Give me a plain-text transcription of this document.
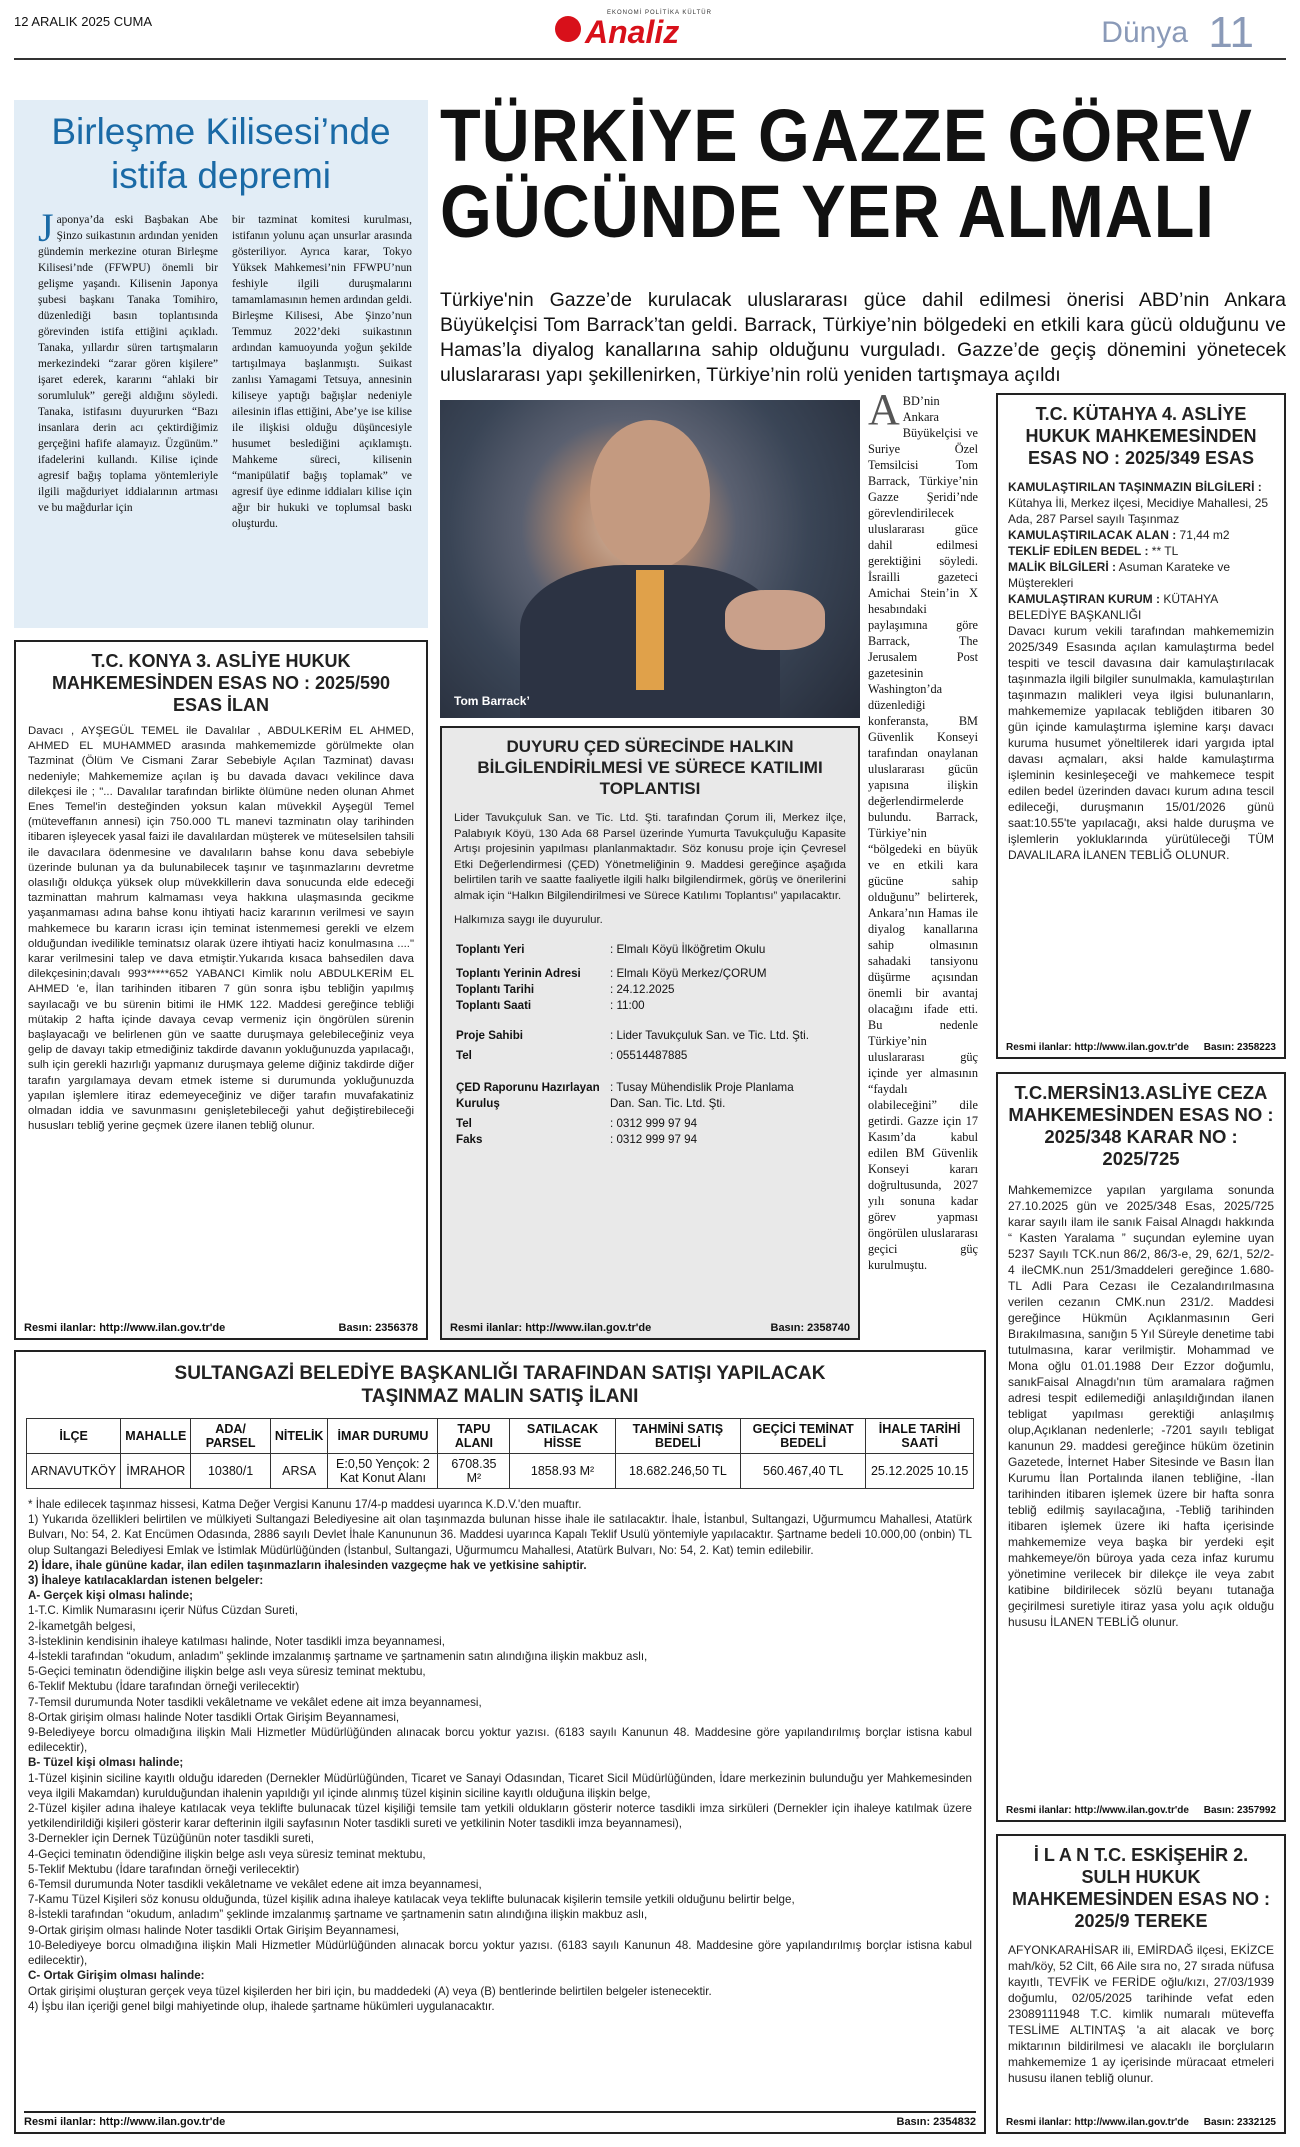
12 ARALIK 2025 CUMA
EKONOMİ POLİTİKA KÜLTÜR
Analiz	Dünya 11
Birleşme Kilisesi’nde istifa depremi
Japonya’da eski Başbakan Abe Şinzo suikastının ardından yeniden gündemin merkezine oturan Birleşme Kilisesi’nde (FFWPU) önemli bir gelişme yaşandı. Kilisenin Japonya şubesi başkanı Tanaka Tomihiro, düzenlediği basın toplantısında görevinden istifa ettiğini açıkladı. Tanaka, yıllardır süren tartışmaların merkezindeki “zarar gören kişilere” işaret ederek, kararını “ahlaki bir sorumluluk” gereği aldığını söyledi. Tanaka, istifasını duyururken “Bazı insanlara derin acı çektirdiğimiz gerçeğini hafife alamayız. Üzgünüm.” ifadelerini kullandı. Kilise içinde agresif bağış toplama yöntemleriyle ilgili mağduriyet iddialarının artması ve bu mağdurlar için
bir tazminat komitesi kurulması, istifanın yolunu açan unsurlar arasında gösteriliyor. Ayrıca karar, Tokyo Yüksek Mahkemesi’nin FFWPU’nun feshiyle ilgili duruşmalarını tamamlamasının hemen ardından geldi. Birleşme Kilisesi, Abe Şinzo’nun Temmuz 2022’deki suikastının ardından kamuoyunda yoğun şekilde tartışılmaya başlanmıştı. Suikast zanlısı Yamagami Tetsuya, annesinin kiliseye yaptığı bağışlar nedeniyle ailesinin iflas ettiğini, Abe’ye ise kilise ile ilişkisi olduğu düşüncesiyle husumet beslediğini açıklamıştı. Mahkeme süreci, kilisenin “manipülatif bağış toplamak” ve agresif üye edinme iddiaları kilise için ağır bir hukuki ve toplumsal baskı oluşturdu.
T.C. KONYA 3. ASLİYE HUKUK MAHKEMESİNDEN ESAS NO : 2025/590 ESAS İLAN
Davacı , AYŞEGÜL TEMEL ile Davalılar , ABDULKERİM EL AHMED, AHMED EL MUHAMMED arasında mahkememizde görülmekte olan Tazminat (Ölüm Ve Cismani Zarar Sebebiyle Açılan Tazminat) davası nedeniyle; Mahkememize açılan iş bu davada davacı vekilince dava dilekçesi ile ; "... Davalılar tarafından birlikte ölümüne neden olunan Ahmet Enes Temel'in desteğinden yoksun kalan müvekkil Ayşegül Temel (müteveffanın annesi) için 750.000 TL manevi tazminatın olay tarihinden itibaren işleyecek yasal faizi ile davalılardan müşterek ve müteselsilen tahsili ile davacılara ödenmesine ve davalıların bahse konu dava sebebiyle üzerinde bulunan ya da bulunabilecek taşınır ve taşınmazlarını devretme olasılığı oldukça yüksek olup müvekkillerin dava sonucunda elde edeceği tazminattan mahrum kalmaması veya hakkına ulaşmasında gecikme yaşanmaması adına bahse konu ihtiyati haciz kararının verilmesi ve sayın mahkemece bu kararın icrası için teminat istenmemesi gerekli ve elzem olduğundan ivedilikle teminatsız olarak üzere ihtiyati haciz konulmasına ...." karar verilmesini talep ve dava etmiştir.Yukarıda kısaca bahsedilen dava dilekçesinin;davalı 993*****652 YABANCI Kimlik nolu ABDULKERİM EL AHMED 'e, İlan tarihinden itibaren 7 gün sonra işbu tebliğin yapılmış sayılacağı ve bu sürenin bitimi ile HMK 122. Maddesi gereğince tebliği mütakip 2 hafta içinde davaya cevap vermeniz için öngörülen sürenin başlayacağı ve belirlenen gün ve saatte duruşmaya gelebileceğiniz veya gelip de davayı takip etmediğiniz takdirde davanın yokluğunuzda yapılacağı, sulh için gerekli hazırlığı yapmanız duruşmaya geleme diğiniz takdirde diğer tarafın yargılamaya devam etmek isteme si durumunda yokluğunuzda yapılan işlemlere itiraz edemeyeceğiniz ve diğer tarafın muvafakatiniz olmadan iddia ve savunmasını genişletebileceği yahut değiştirebileceği hususları tebliğ yerine geçmek üzere ilanen tebliğ olunur.
Resmi ilanlar: http://www.ilan.gov.tr'de	Basın: 2356378
TÜRKİYE GAZZE GÖREV
GÜCÜNDE YER ALMALI
Türkiye'nin Gazze’de kurulacak uluslararası güce dahil edilmesi önerisi ABD’nin Ankara Büyükelçisi Tom Barrack’tan geldi. Barrack, Türkiye’nin bölgedeki en etkili kara gücü olduğunu ve Hamas’la diyalog kanallarına sahip olduğunu vurguladı. Gazze’de geçiş dönemini yönetecek uluslararası yapı şekillenirken, Türkiye’nin rolü yeniden tartışmaya açıldı
Tom Barrack’
ABD’nin Ankara Büyükelçisi ve Suriye Özel Temsilcisi Tom Barrack, Türkiye’nin Gazze Şeridi’nde görevlendirilecek uluslararası güce dahil edilmesi gerektiğini söyledi. İsrailli gazeteci Amichai Stein’in X hesabındaki paylaşımına göre Barrack, The Jerusalem Post gazetesinin Washington’da düzenlediği konferansta, BM Güvenlik Konseyi tarafından onaylanan uluslararası gücün yapısına ilişkin değerlendirmelerde bulundu. Barrack, Türkiye’nin “bölgedeki en büyük ve en etkili kara gücüne sahip olduğunu” belirterek, Ankara’nın Hamas ile diyalog kanallarına sahip olmasının sahadaki tansiyonu düşürme açısından önemli bir avantaj olacağını ifade etti. Bu nedenle Türkiye’nin uluslararası güç içinde yer almasının “faydalı olabileceğini” dile getirdi. Gazze için 17 Kasım’da kabul edilen BM Güvenlik Konseyi kararı doğrultusunda, 2027 yılı sonuna kadar görev yapması öngörülen uluslararası geçici güç kurulmuştu.
DUYURU ÇED SÜRECİNDE HALKIN BİLGİLENDİRİLMESİ VE SÜRECE KATILIMI TOPLANTISI
Lider Tavukçuluk San. ve Tic. Ltd. Şti. tarafından Çorum ili, Merkez ilçe, Palabıyık Köyü, 130 Ada 68 Parsel üzerinde Yumurta Tavukçuluğu Kapasite Artışı projesinin yapılması planlanmaktadır. Söz konusu proje için Çevresel Etki Değerlendirmesi (ÇED) Yönetmeliğinin 9. Maddesi gereğince aşağıda belirtilen tarih ve saatte faaliyetle ilgili halkı bilgilendirmek, görüş ve önerilerini almak için “Halkın Bilgilendirilmesi ve Sürece Katılımı Toplantısı” yapılacaktır.
Halkımıza saygı ile duyurulur.
Toplantı Yeri	: Elmalı Köyü İlköğretim Okulu
Toplantı Yerinin Adresi	: Elmalı Köyü Merkez/ÇORUM
Toplantı Tarihi	: 24.12.2025
Toplantı Saati	: 11:00
Proje Sahibi	: Lider Tavukçuluk San. ve Tic. Ltd. Şti.
Tel	: 05514487885
ÇED Raporunu Hazırlayan Kuruluş: Tusay Mühendislik Proje Planlama Dan. San. Tic. Ltd. Şti.
Tel	: 0312 999 97 94
Faks	: 0312 999 97 94
Resmi ilanlar: http://www.ilan.gov.tr'de	Basın: 2358740
T.C. KÜTAHYA 4. ASLİYE HUKUK MAHKEMESİNDEN ESAS NO : 2025/349 ESAS
KAMULAŞTIRILAN TAŞINMAZIN BİLGİLERİ : Kütahya İli, Merkez ilçesi, Mecidiye Mahallesi, 25 Ada, 287 Parsel sayılı Taşınmaz
KAMULAŞTIRILACAK ALAN : 71,44 m2
TEKLİF EDİLEN BEDEL : ** TL
MALİK BİLGİLERİ : Asuman Karateke ve Müşterekleri
KAMULAŞTIRAN KURUM : KÜTAHYA BELEDİYE BAŞKANLIĞI
Davacı kurum vekili tarafından mahkememizin 2025/349 Esasında açılan kamulaştırma bedel tespiti ve tescil davasına dair kamulaştırılacak taşınmazla ilgili bilgiler sunulmakla, kamulaştırılan taşınmazın malikleri veya ilgisi bulunanların, mahkememize yapılacak tebliğden itibaren 30 gün içinde kamulaştırma işlemine karşı davacı kuruma husumet yöneltilerek idari yargıda iptal davası açmaları, aksi halde kamulaştırma işleminin kesinleşeceği ve mahkemece tespit edilen bedel üzerinden davacı kurum adına tescil edileceği, duruşmanın 15/01/2026 günü saat:10.55'te yapılacağı, aksi halde duruşma ve işlemlerin yokluklarında yürütüleceği TÜM DAVALILARA İLANEN TEBLİĞ OLUNUR.
Resmi ilanlar: http://www.ilan.gov.tr'de Basın: 2358223
T.C.MERSİN13.ASLİYE CEZA MAHKEMESİNDEN ESAS NO : 2025/348 KARAR NO : 2025/725
Mahkememizce yapılan yargılama sonunda 27.10.2025 gün ve 2025/348 Esas, 2025/725 karar sayılı ilam ile sanık Faisal Alnagdı hakkında “ Kasten Yaralama ” suçundan eylemine uyan 5237 Sayılı TCK.nun 86/2, 86/3-e, 29, 62/1, 52/2-4 ileCMK.nun 251/3maddeleri gereğince 1.680- TL Adli Para Cezası ile Cezalandırılmasına verilen cezanın CMK.nun 231/2. Maddesi gereğince Hükmün Açıklanmasının Geri Bırakılmasına, sanığın 5 Yıl Süreyle denetime tabi tutulmasına, karar verilmiştir. Mohammad ve Mona oğlu 01.01.1988 Deır Ezzor doğumlu, sanıkFaisal Alnagdı'nın tüm aramalara rağmen adresi tespit edilemediği anlaşıldığından ilanen tebligat yapılması gerektiği anlaşılmış olup,Açıklanan nedenlerle; -7201 sayılı tebligat kanunun 29. maddesi gereğince hüküm özetinin Gazetede, İnternet Haber Sitesinde ve Basın İlan Kurumu İlan Portalında ilanen tebliğine, -İlan tarihinden itibaren işlemek üzere bir hafta sonra tebliğ edilmiş sayılacağına, -Tebliğ tarihinden itibaren işlemek üzere iki hafta içerisinde mahkememize veya başka bir yerdeki eşit mahkemeye/ön büroya yada ceza infaz kurumu yönetimine verilecek bir dilekçe ile veya zabıt katibine bildirilecek sözlü beyanı tutanağa geçirilmesi suretiyle itiraz yasa yolu açık olduğu hususu İLANEN TEBLİĞ olunur.
Resmi ilanlar: http://www.ilan.gov.tr'de Basın: 2357992
İ L A N T.C. ESKİŞEHİR 2. SULH HUKUK MAHKEMESİNDEN ESAS NO : 2025/9 TEREKE
AFYONKARAHİSAR ili, EMİRDAĞ ilçesi, EKİZCE mah/köy, 52 Cilt, 66 Aile sıra no, 27 sırada nüfusa kayıtlı, TEVFİK ve FERİDE oğlu/kızı, 27/03/1939 doğumlu, 02/05/2025 tarihinde vefat eden 23089111948 T.C. kimlik numaralı müteveffa TESLİME ALTINTAŞ 'a ait alacak ve borç miktarının bildirilmesi ve alacaklı ile borçluların mahkememize 1 ay içerisinde müracaat etmeleri hususu ilanen tebliğ olunur.
Resmi ilanlar: http://www.ilan.gov.tr'de Basın: 2332125
SULTANGAZİ BELEDİYE BAŞKANLIĞI TARAFINDAN SATIŞI YAPILACAK TAŞINMAZ MALIN SATIŞ İLANI
İLÇE	MAHALLE	ADA/ PARSEL	NİTELİK	İMAR DURUMU	TAPU ALANI	SATILACAK HİSSE	TAHMİNİ SATIŞ BEDELİ	GEÇİCİ TEMİNAT BEDELİ	İHALE TARİHİ SAATİ
ARNAVUTKÖY	İMRAHOR	10380/1	ARSA	E:0,50 Yençok: 2 Kat Konut Alanı	6708.35 M²	1858.93 M²	18.682.246,50 TL	560.467,40 TL	25.12.2025 10.15

* İhale edilecek taşınmaz hissesi, Katma Değer Vergisi Kanunu 17/4-p maddesi uyarınca K.D.V.'den muaftır.

1) Yukarıda özellikleri belirtilen ve mülkiyeti Sultangazi Belediyesine ait olan taşınmazda bulunan hisse ihale ile satılacaktır. İhale, İstanbul, Sultangazi, Uğurmumcu Mahallesi, Atatürk Bulvarı, No: 54, 2. Kat Encümen Odasında, 2886 sayılı Devlet İhale Kanununun 36. Maddesi uyarınca Kapalı Teklif Usulü yöntemiyle yapılacaktır. Şartname bedeli 10.000,00 (onbin) TL olup Sultangazi Belediyesi Emlak ve İstimlak Müdürlüğünden (İstanbul, Sultangazi, Uğurmumcu Mahallesi, Atatürk Bulvarı, No: 54, 2. Kat) temin edilebilir.

2) İdare, ihale gününe kadar, ilan edilen taşınmazların ihalesinden vazgeçme hak ve yetkisine sahiptir.

3) İhaleye katılacaklardan istenen belgeler:

A- Gerçek kişi olması halinde;

1-T.C. Kimlik Numarasını içerir Nüfus Cüzdan Sureti,

2-İkametgâh belgesi,

3-İsteklinin kendisinin ihaleye katılması halinde, Noter tasdikli imza beyannamesi,

4-İstekli tarafından “okudum, anladım” şeklinde imzalanmış şartname ve şartnamenin satın alındığına ilişkin makbuz aslı,

5-Geçici teminatın ödendiğine ilişkin belge aslı veya süresiz teminat mektubu,

6-Teklif Mektubu (İdare tarafından örneği verilecektir)

7-Temsil durumunda Noter tasdikli vekâletname ve vekâlet edene ait imza beyannamesi,

8-Ortak girişim olması halinde Noter tasdikli Ortak Girişim Beyannamesi,

9-Belediyeye borcu olmadığına ilişkin Mali Hizmetler Müdürlüğünden alınacak borcu yoktur yazısı. (6183 sayılı Kanunun 48. Maddesine göre yapılandırılmış borçlar istisna kabul edilecektir),

B- Tüzel kişi olması halinde;

1-Tüzel kişinin siciline kayıtlı olduğu idareden (Dernekler Müdürlüğünden, Ticaret ve Sanayi Odasından, Ticaret Sicil Müdürlüğünden, İdare merkezinin bulunduğu yer Mahkemesinden veya ilgili Makamdan) kurulduğundan ihalenin yapıldığı yıl içinde alınmış tüzel kişinin siciline kayıtlı olduğuna ilişkin belge,

2-Tüzel kişiler adına ihaleye katılacak veya teklifte bulunacak tüzel kişiliği temsile tam yetkili oldukların gösterir noterce tasdikli imza sirküleri (Dernekler için ihaleye katılmak üzere yetkilendirildiği kişileri gösterir karar defterinin ilgili sayfasının Noter tasdikli sureti ve yetkilinin Noter tasdikli imza beyannamesi),

3-Dernekler için Dernek Tüzüğünün noter tasdikli sureti,

4-Geçici teminatın ödendiğine ilişkin belge aslı veya süresiz teminat mektubu,

5-Teklif Mektubu (İdare tarafından örneği verilecektir)

6-Temsil durumunda Noter tasdikli vekâletname ve vekâlet edene ait imza beyannamesi,

7-Kamu Tüzel Kişileri söz konusu olduğunda, tüzel kişilik adına ihaleye katılacak veya teklifte bulunacak kişilerin temsile yetkili olduğunu belirtir belge,

8-İstekli tarafından “okudum, anladım” şeklinde imzalanmış şartname ve şartnamenin satın alındığına ilişkin makbuz aslı,

9-Ortak girişim olması halinde Noter tasdikli Ortak Girişim Beyannamesi,

10-Belediyeye borcu olmadığına ilişkin Mali Hizmetler Müdürlüğünden alınacak borcu yoktur yazısı. (6183 sayılı Kanunun 48. Maddesine göre yapılandırılmış borçlar istisna kabul edilecektir),

C- Ortak Girişim olması halinde:

Ortak girişimi oluşturan gerçek veya tüzel kişilerden her biri için, bu maddedeki (A) veya (B) bentlerinde belirtilen belgeler istenecektir.

4) İşbu ilan içeriği genel bilgi mahiyetinde olup, ihalede şartname hükümleri uygulanacaktır.

Resmi ilanlar: http://www.ilan.gov.tr'de	Basın: 2354832
